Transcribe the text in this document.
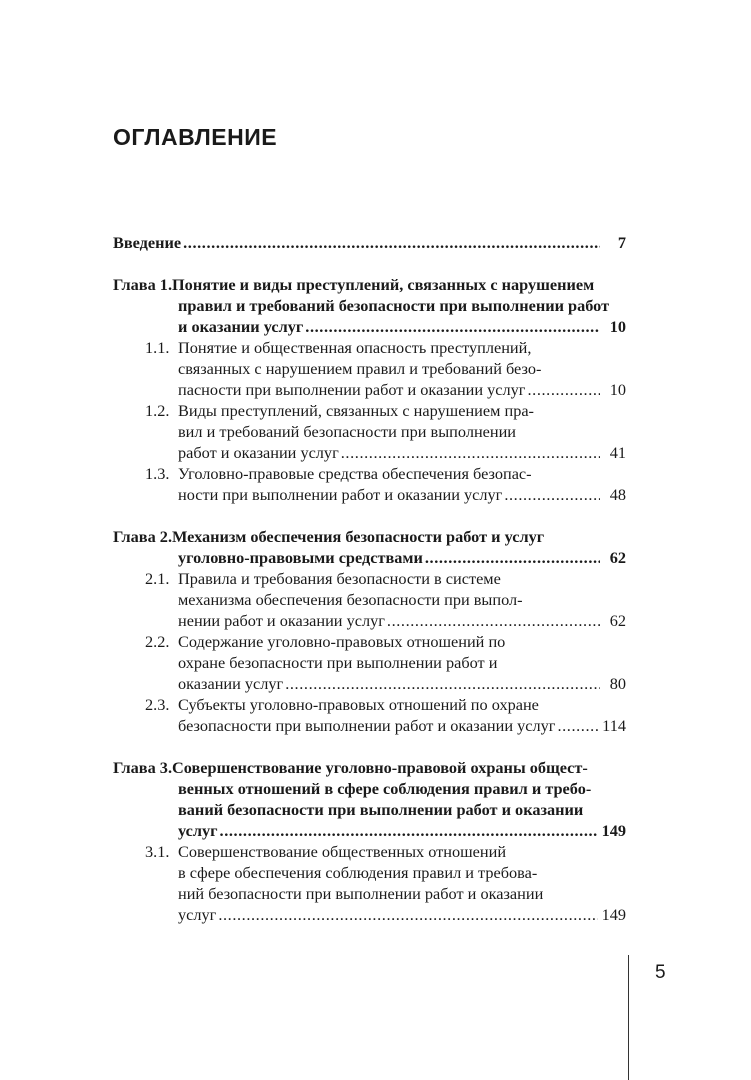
ОГЛАВЛЕНИЕ
Введение .....	7
Глава 1.Понятие и виды преступлений, связанных с нарушением
правил и требований безопасности при выполнении работ
и оказании услуг .....	10
1.1.Понятие и общественная опасность преступлений,
связанных с нарушением правил и требований безо-
пасности при выполнении работ и оказании услуг .....	10
1.2.Виды преступлений, связанных с нарушением пра-
вил и требований безопасности при выполнении
работ и оказании услуг .....	41
1.3.Уголовно-правовые средства обеспечения безопас-
ности при выполнении работ и оказании услуг .....	48
Глава 2.Механизм обеспечения безопасности работ и услуг
уголовно-правовыми средствами .....	62
2.1.Правила и требования безопасности в системе
механизма обеспечения безопасности при выпол-
нении работ и оказании услуг .....	62
2.2.Содержание уголовно-правовых отношений по
охране безопасности при выполнении работ и
оказании услуг .....	80
2.3.Субъекты уголовно-правовых отношений по охране
безопасности при выполнении работ и оказании услуг .....	114
Глава 3.Совершенствование уголовно-правовой охраны общест-
венных отношений в сфере соблюдения правил и требо-
ваний безопасности при выполнении работ и оказании
услуг .....	149
3.1.Совершенствование общественных отношений
в сфере обеспечения соблюдения правил и требова-
ний безопасности при выполнении работ и оказании
услуг .....	149
5
